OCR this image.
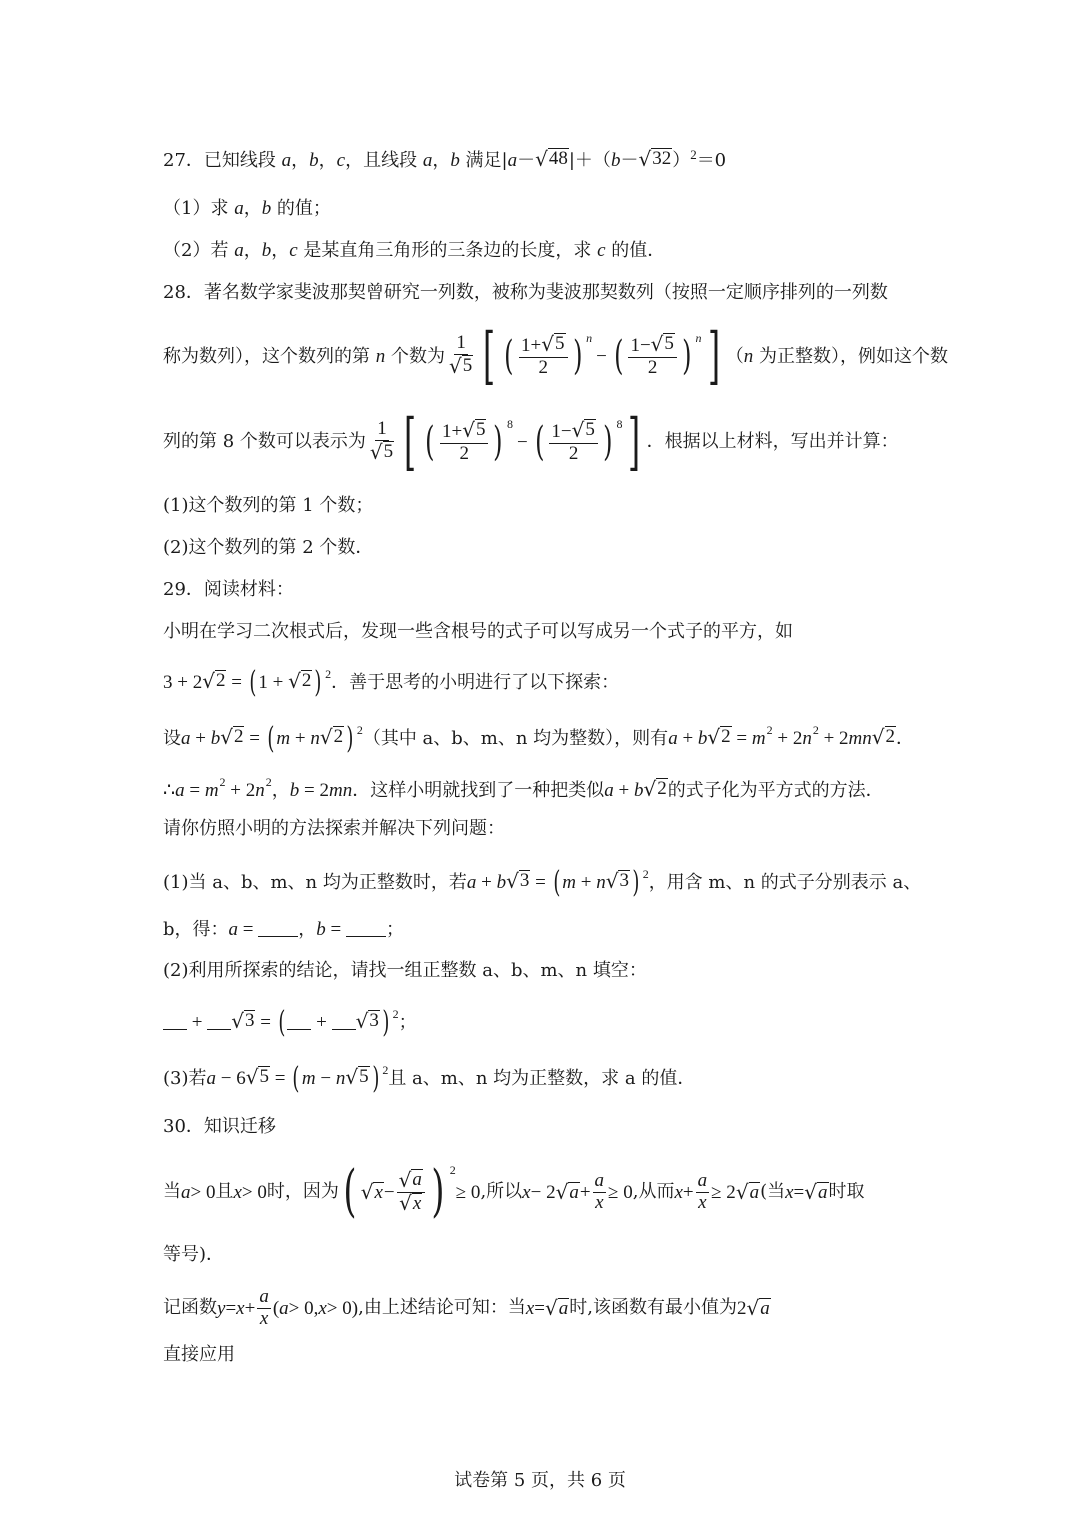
27．已知线段 a，b，c，且线段 a，b 满足|a－ √ 48 |＋（b－ √ 32 ）$^2$＝0
（1）求 a，b 的值；
（2）若 a，b，c 是某直角三角形的三条边的长度，求 c 的值．
28．著名数学家斐波那契曾研究一列数，被称为斐波那契数列（按照一定顺序排列的一列数
称为数列），这个数列的第 n 个数为 $\frac{1}{√ 5}$ [ ( $\frac{1+ √ 5}{2}$ ) n
− ( $\frac{1- √ 5}{2}$ ) n ] （n 为正整数），例如这个数
列的第 8 个数可以表示为 $\frac{1}{√ 5}$ [ ( $\frac{1+ √ 5}{2}$ ) 8
− ( $\frac{1- √ 5}{2}$ ) 8 ] ．根据以上材料，写出并计算：
(1)这个数列的第 1 个数；
(2)这个数列的第 2 个数．
29．阅读材料：
小明在学习二次根式后，发现一些含根号的式子可以写成另一个式子的平方，如
3 + 2 √ 2 = ( 1 + √ 2 ) $^2$．善于思考的小明进行了以下探索：
设a + b √ 2 = ( m + n √ 2 ) $^2$（其中 a、b、m、n 均为整数），则有a + b √ $2 = m^2 + 2n^2 + 2mn$ √ 2 ．
∴a = $m^2 + 2n^2$，b = 2mn．这样小明就找到了一种把类似a + b √ 2 的式子化为平方式的方法．
请你仿照小明的方法探索并解决下列问题：
(1)当 a、b、m、n 均为正整数时，若a + b √ 3 = ( m + n √ 3 ) $^2$，用含 m、n 的式子分别表示 a、
b，得：a = ，b = ；
(2)利用所探索的结论，请找一组正整数 a、b、m、n 填空：
+ √ 3 = ( + √ 3 ) $^2$；
(3)若a − 6 √ 5 = ( m − n √ 5 ) $^2$且 a、m、n 均为正整数，求 a 的值．
30．知识迁移
当 a > 0 且 x > 0 时，因为 ( √ $x - \frac{√ a}{√ x}$ ) 2
≥ 0 ,所以 x − 2 √ $a + \frac{a}{x} \ge 0$ ,从而 $x + \frac{a}{x} \ge 2$ √ a (当 x = √ a 时取
等号)．
记函数 $y = x + \frac{a}{x}$ ( a > 0, x > 0) ,由上述结论可知：当 x = √ a 时,该函数有最小值为 2 √ a
直接应用
试卷第 5 页，共 6 页
